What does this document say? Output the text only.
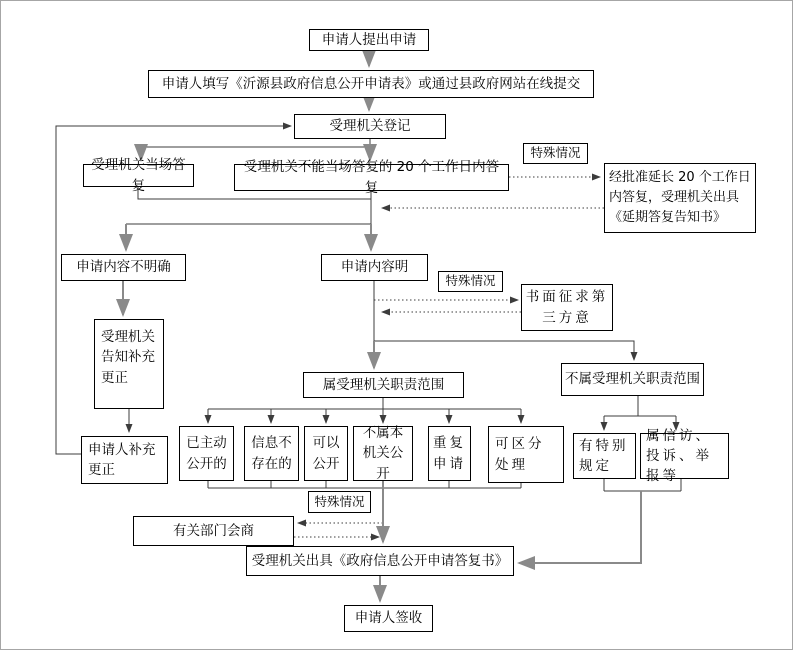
申请人提出申请
申请人填写《沂源县政府信息公开申请表》或通过县政府网站在线提交
受理机关登记
受理机关当场答复
受理机关不能当场答复的 20 个工作日内答复
特殊情况
经批准延长 20 个工作日内答复，受理机关出具《延期答复告知书》
申请内容不明确	申请内容明
特殊情况
书面征求第三方意
受理机关告知补充更正
申请人补充更正
属受理机关职责范围	不属受理机关职责范围
已主动公开的
信息不存在的
可以公开
不属本机关公开
重复申请
可区分处理
有特别规定
属信访、投诉、举报等
特殊情况
有关部门会商
受理机关出具《政府信息公开申请答复书》
申请人签收
